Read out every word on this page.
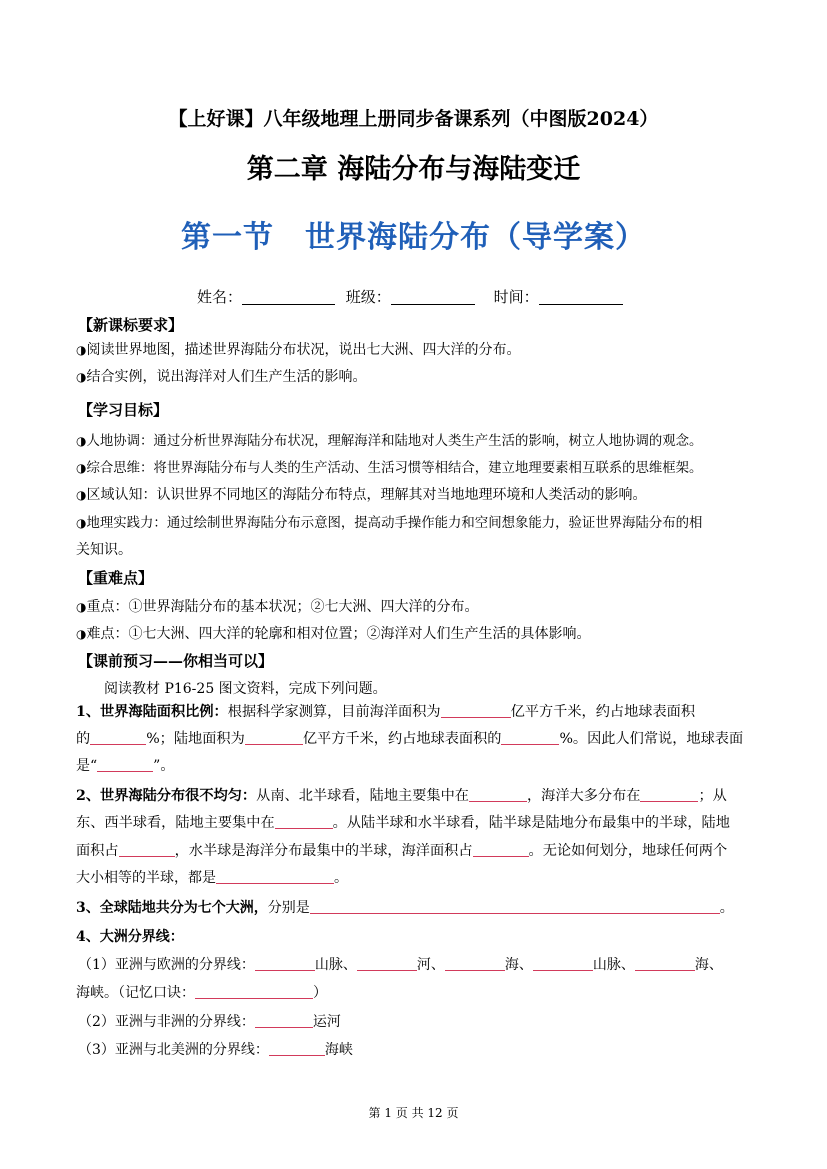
【上好课】八年级地理上册同步备课系列（中图版2024）
第二章 海陆分布与海陆变迁
第一节　世界海陆分布（导学案）
姓名：	班级：	时间：
【新课标要求】
◑阅读世界地图，描述世界海陆分布状况，说出七大洲、四大洋的分布。
◑结合实例，说出海洋对人们生产生活的影响。
【学习目标】
◑人地协调：通过分析世界海陆分布状况，理解海洋和陆地对人类生产生活的影响，树立人地协调的观念。
◑综合思维：将世界海陆分布与人类的生产活动、生活习惯等相结合，建立地理要素相互联系的思维框架。
◑区域认知：认识世界不同地区的海陆分布特点，理解其对当地地理环境和人类活动的影响。
◑地理实践力：通过绘制世界海陆分布示意图，提高动手操作能力和空间想象能力，验证世界海陆分布的相
关知识。
【重难点】
◑重点：①世界海陆分布的基本状况；②七大洲、四大洋的分布。
◑难点：①七大洲、四大洋的轮廓和相对位置；②海洋对人们生产生活的具体影响。
【课前预习——你相当可以】
阅读教材 P16-25 图文资料，完成下列问题。
1、世界海陆面积比例：根据科学家测算，目前海洋面积为	亿平方千米，约占地球表面积
的	%；陆地面积为	亿平方千米，约占地球表面积的	%。因此人们常说，地球表面
是“	”。
2、世界海陆分布很不均匀：从南、北半球看，陆地主要集中在	，海洋大多分布在	；从
东、西半球看，陆地主要集中在	。从陆半球和水半球看，陆半球是陆地分布最集中的半球，陆地
面积占	，水半球是海洋分布最集中的半球，海洋面积占	。无论如何划分，地球任何两个
大小相等的半球，都是	。
3、全球陆地共分为七个大洲，分别是	。
4、大洲分界线：
（1）亚洲与欧洲的分界线：	山脉、	河、	海、	山脉、	海、
海峡。（记忆口诀：	）
（2）亚洲与非洲的分界线：	运河
（3）亚洲与北美洲的分界线：	海峡
第 1 页 共 12 页
